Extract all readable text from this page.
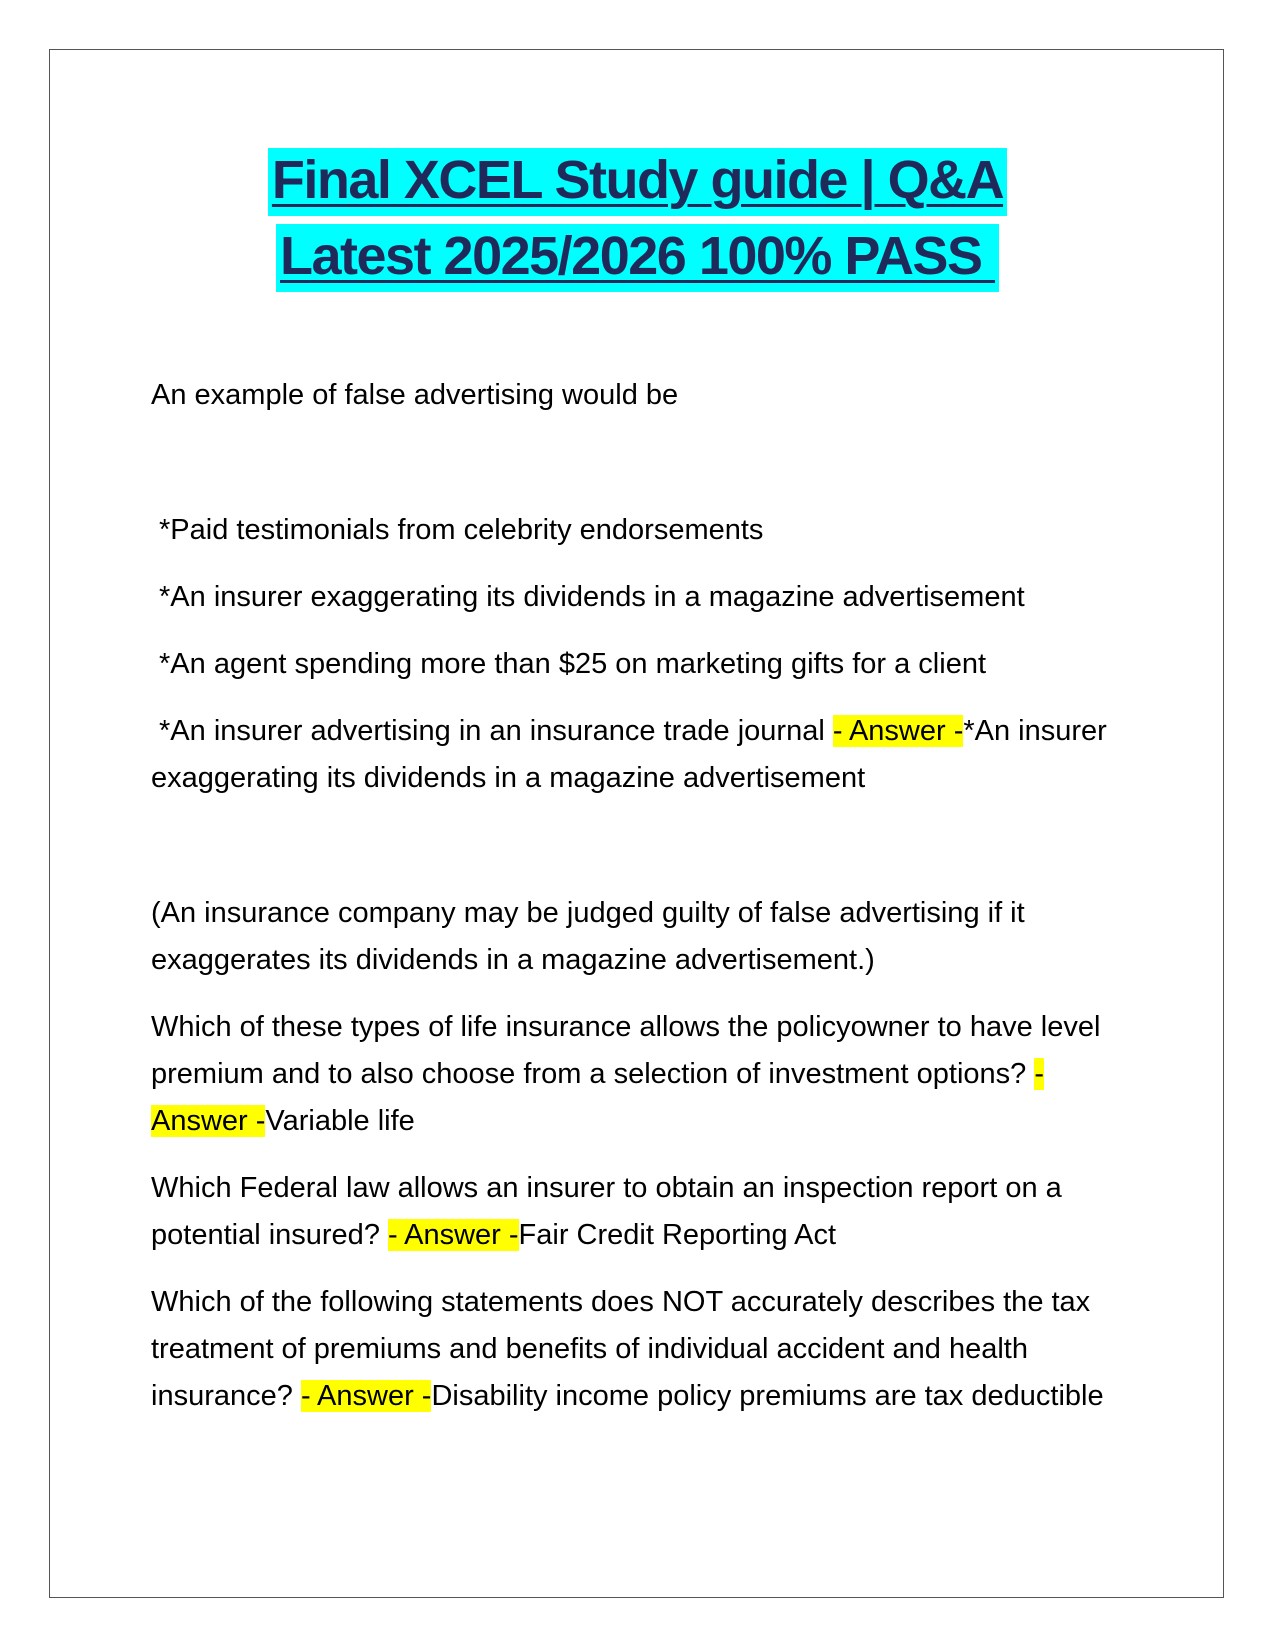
Final XCEL Study guide | Q&A
Latest 2025/2026 100% PASS

An example of false advertising would be

*Paid testimonials from celebrity endorsements

*An insurer exaggerating its dividends in a magazine advertisement

*An agent spending more than $25 on marketing gifts for a client

*An insurer advertising in an insurance trade journal - Answer -*An insurer exaggerating its dividends in a magazine advertisement

(An insurance company may be judged guilty of false advertising if it exaggerates its dividends in a magazine advertisement.)

Which of these types of life insurance allows the policyowner to have level premium and to also choose from a selection of investment options? - Answer -Variable life

Which Federal law allows an insurer to obtain an inspection report on a potential insured? - Answer -Fair Credit Reporting Act

Which of the following statements does NOT accurately describes the tax treatment of premiums and benefits of individual accident and health insurance? - Answer -Disability income policy premiums are tax deductible
